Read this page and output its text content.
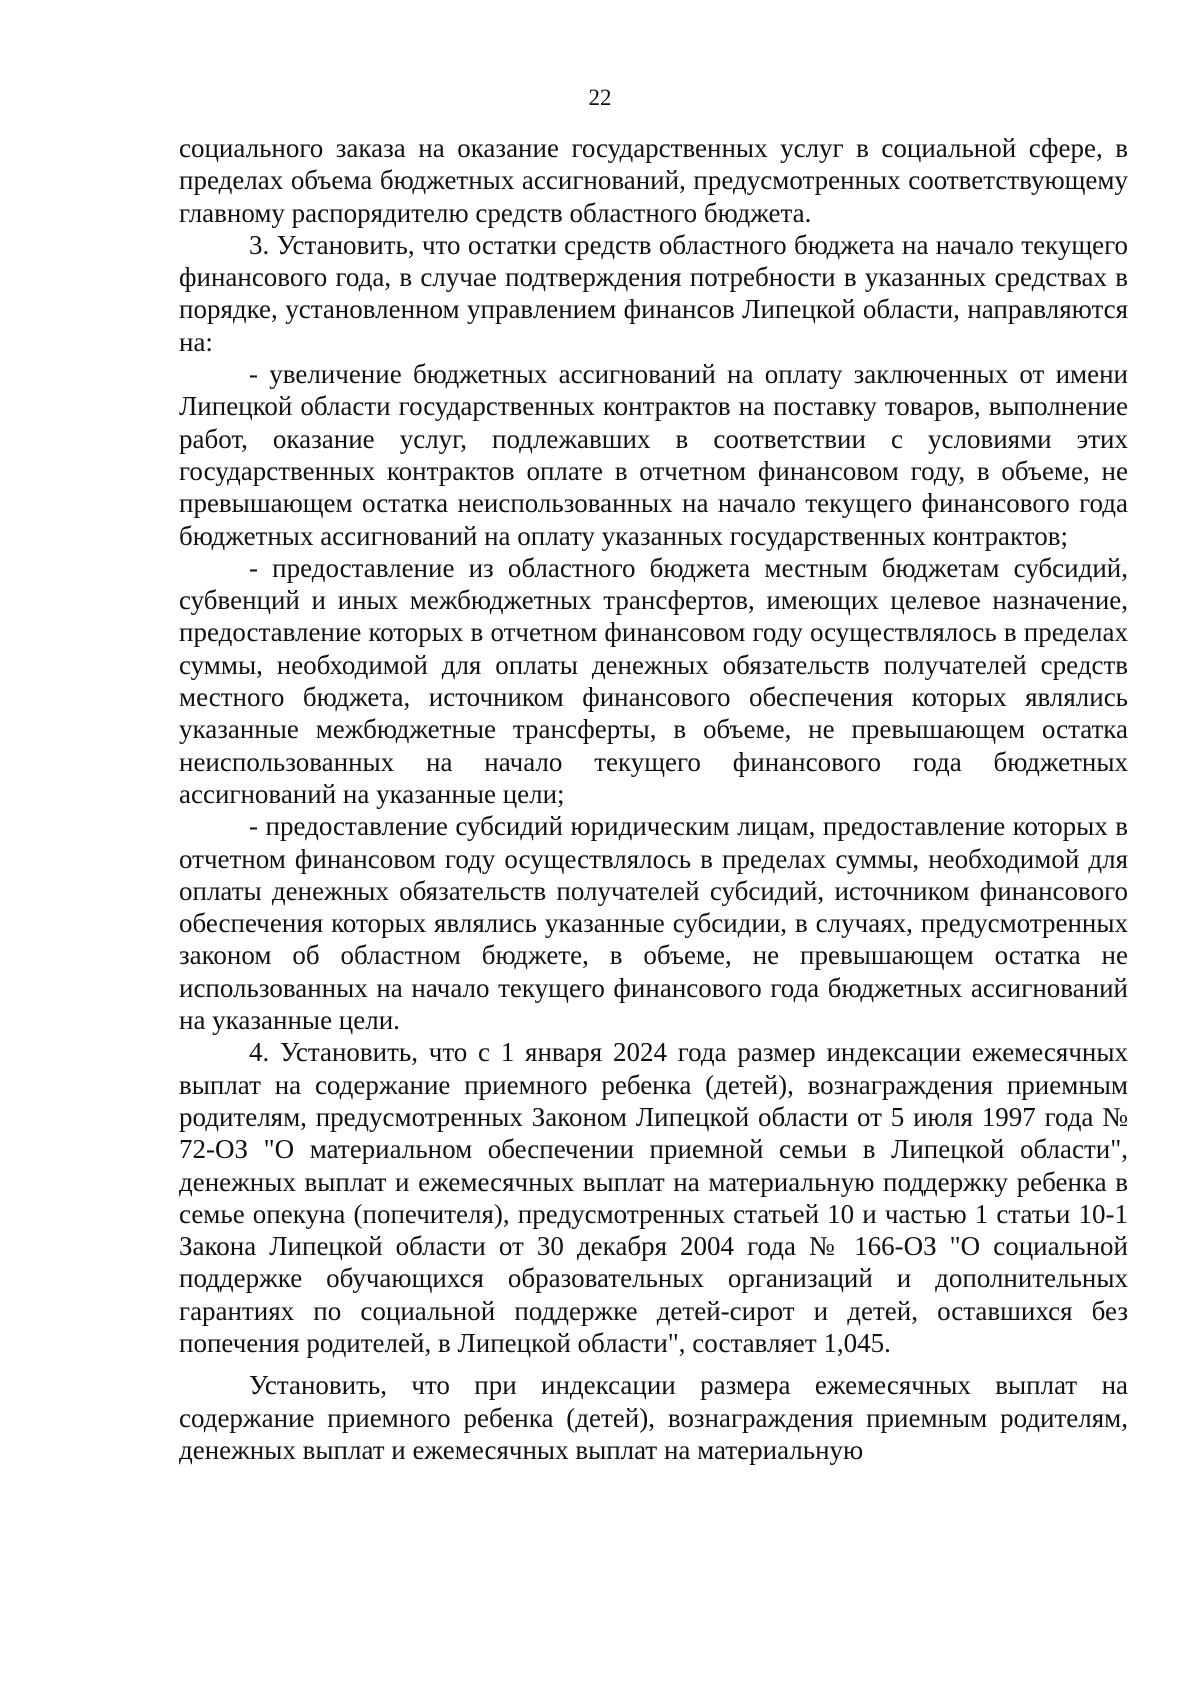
22

социального заказа на оказание государственных услуг в социальной сфере, в пределах объема бюджетных ассигнований, предусмотренных соответствующему главному распорядителю средств областного бюджета.

3. Установить, что остатки средств областного бюджета на начало текущего финансового года, в случае подтверждения потребности в указанных средствах в порядке, установленном управлением финансов Липецкой области, направляются на:

- увеличение бюджетных ассигнований на оплату заключенных от имени Липецкой области государственных контрактов на поставку товаров, выполнение работ, оказание услуг, подлежавших в соответствии с условиями этих государственных контрактов оплате в отчетном финансовом году, в объеме, не превышающем остатка неиспользованных на начало текущего финансового года бюджетных ассигнований на оплату указанных государственных контрактов;

- предоставление из областного бюджета местным бюджетам субсидий, субвенций и иных межбюджетных трансфертов, имеющих целевое назначение, предоставление которых в отчетном финансовом году осуществлялось в пределах суммы, необходимой для оплаты денежных обязательств получателей средств местного бюджета, источником финансового обеспечения которых являлись указанные межбюджетные трансферты, в объеме, не превышающем остатка неиспользованных на начало текущего финансового года бюджетных ассигнований на указанные цели;

- предоставление субсидий юридическим лицам, предоставление которых в отчетном финансовом году осуществлялось в пределах суммы, необходимой для оплаты денежных обязательств получателей субсидий, источником финансового обеспечения которых являлись указанные субсидии, в случаях, предусмотренных законом об областном бюджете, в объеме, не превышающем остатка не использованных на начало текущего финансового года бюджетных ассигнований на указанные цели.

4. Установить, что с 1 января 2024 года размер индексации ежемесячных выплат на содержание приемного ребенка (детей), вознаграждения приемным родителям, предусмотренных Законом Липецкой области от 5 июля 1997 года № 72-ОЗ "О материальном обеспечении приемной семьи в Липецкой области", денежных выплат и ежемесячных выплат на материальную поддержку ребенка в семье опекуна (попечителя), предусмотренных статьей 10 и частью 1 статьи 10-1 Закона Липецкой области от 30 декабря 2004 года № 166-ОЗ "О социальной поддержке обучающихся образовательных организаций и дополнительных гарантиях по социальной поддержке детей-сирот и детей, оставшихся без попечения родителей, в Липецкой области", составляет 1,045.

Установить, что при индексации размера ежемесячных выплат на содержание приемного ребенка (детей), вознаграждения приемным родителям, денежных выплат и ежемесячных выплат на материальную
